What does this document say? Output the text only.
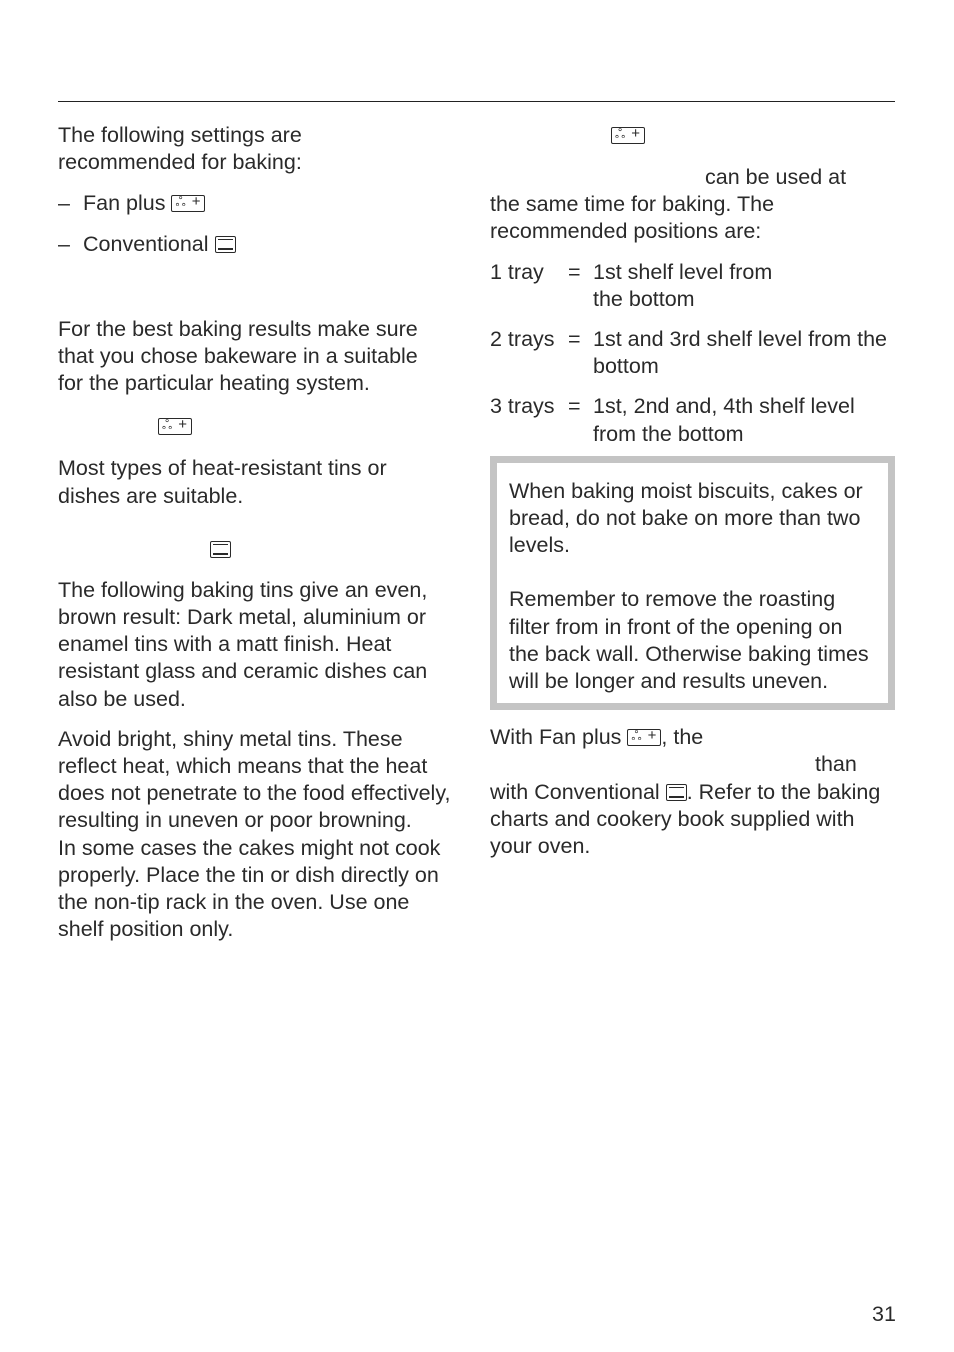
The following settings are recommended for baking:

– Fan plus ஃ +
– Conventional

For the best baking results make sure that you chose bakeware in a suitable for the particular heating system.

ஃ +

Most types of heat-resistant tins or dishes are suitable.

The following baking tins give an even, brown result: Dark metal, aluminium or enamel tins with a matt finish. Heat resistant glass and ceramic dishes can also be used.

Avoid bright, shiny metal tins. These reflect heat, which means that the heat does not penetrate to the food effectively, resulting in uneven or poor browning.

In some cases the cakes might not cook properly. Place the tin or dish directly on the non-tip rack in the oven. Use one shelf position only.

ஃ +

can be used at
the same time for baking. The recommended positions are:

1 tray	= 1st shelf level from the bottom
2 trays = 1st and 3rd shelf level from the bottom
3 trays = 1st, 2nd and, 4th shelf level from the bottom

When baking moist biscuits, cakes or bread, do not bake on more than two levels.

Remember to remove the roasting filter from in front of the opening on the back wall. Otherwise baking times will be longer and results uneven.

With Fan plus ஃ + , the
than
with Conventional . Refer to the baking charts and cookery book supplied with your oven.

31
